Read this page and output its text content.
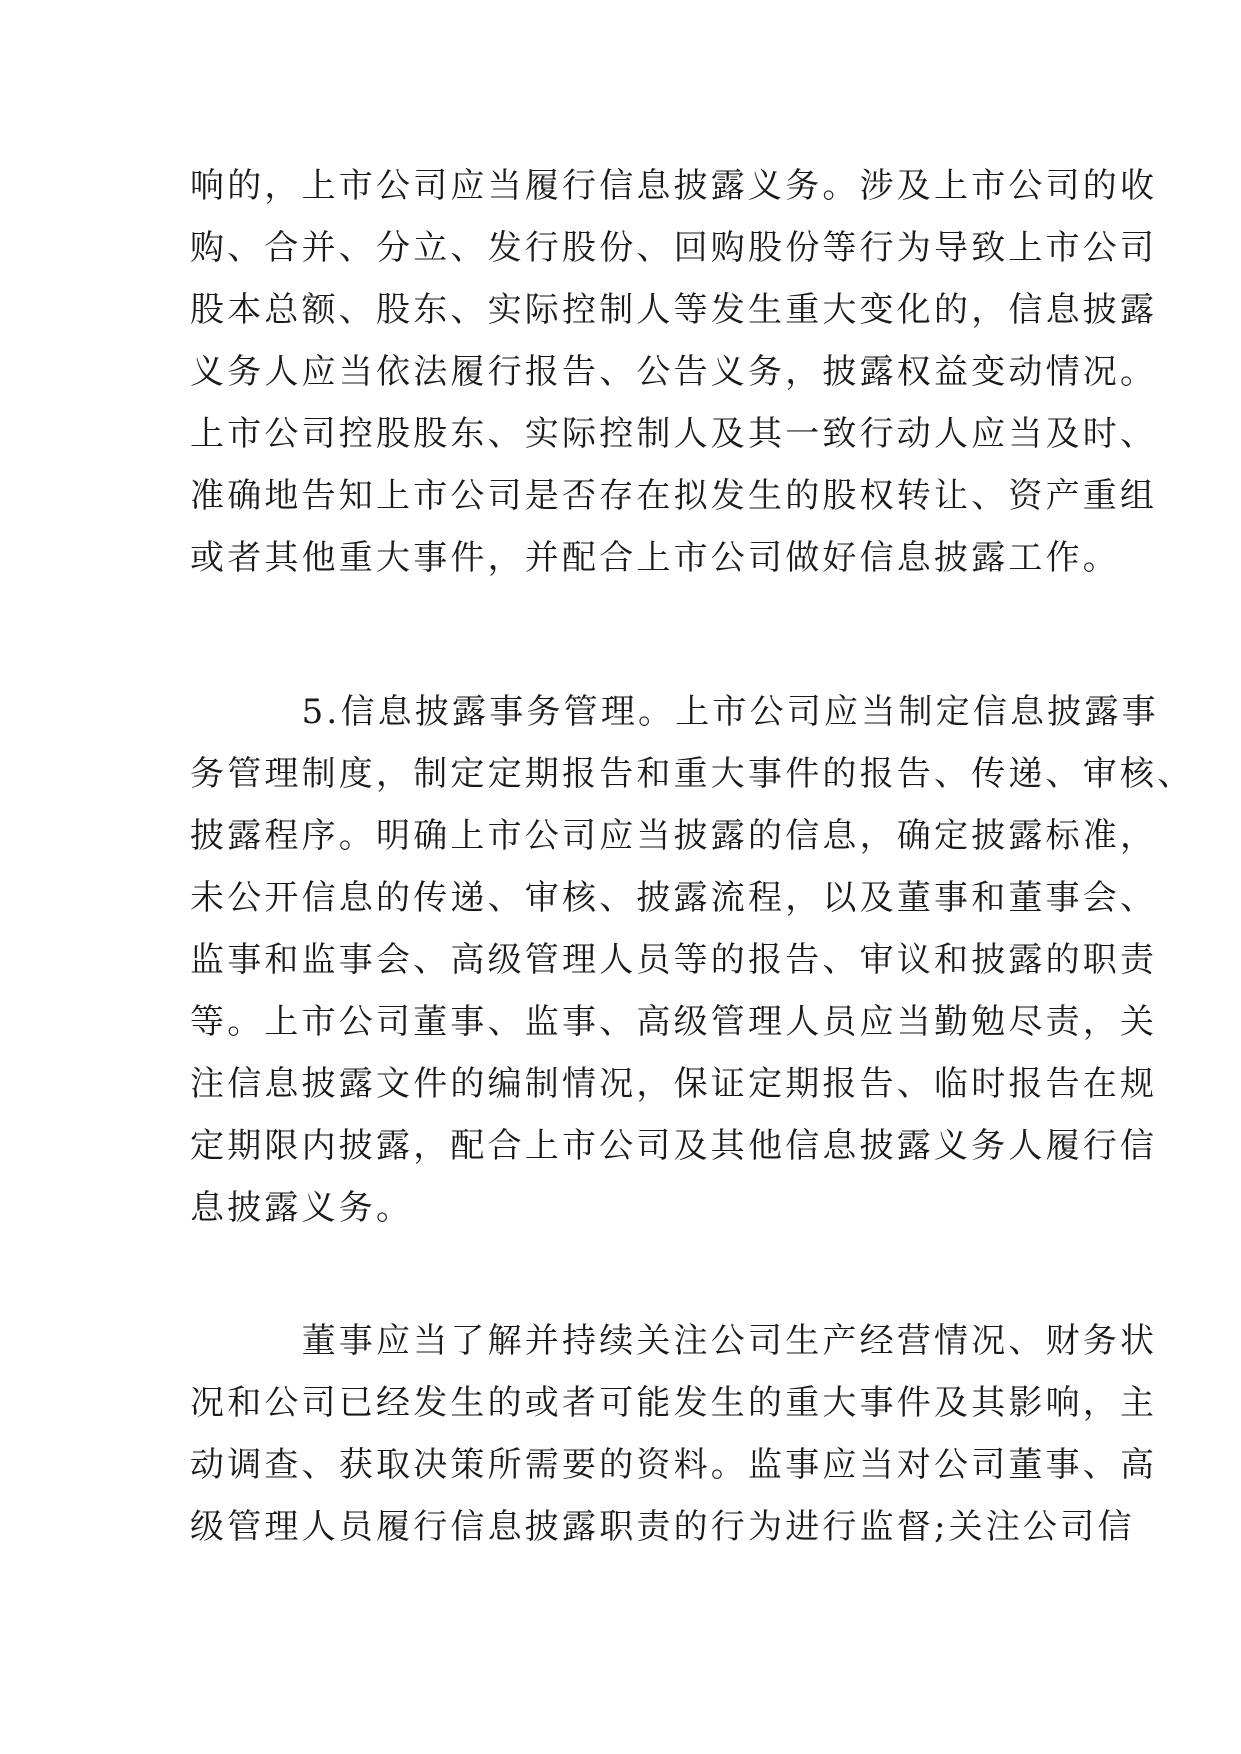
响的，上市公司应当履行信息披露义务。涉及上市公司的收
购、合并、分立、发行股份、回购股份等行为导致上市公司
股本总额、股东、实际控制人等发生重大变化的，信息披露
义务人应当依法履行报告、公告义务，披露权益变动情况。
上市公司控股股东、实际控制人及其一致行动人应当及时、
准确地告知上市公司是否存在拟发生的股权转让、资产重组
或者其他重大事件，并配合上市公司做好信息披露工作。
　　　5.信息披露事务管理。上市公司应当制定信息披露事
务管理制度，制定定期报告和重大事件的报告、传递、审核、
披露程序。明确上市公司应当披露的信息，确定披露标准，
未公开信息的传递、审核、披露流程，以及董事和董事会、
监事和监事会、高级管理人员等的报告、审议和披露的职责
等。上市公司董事、监事、高级管理人员应当勤勉尽责，关
注信息披露文件的编制情况，保证定期报告、临时报告在规
定期限内披露，配合上市公司及其他信息披露义务人履行信
息披露义务。
　　　董事应当了解并持续关注公司生产经营情况、财务状
况和公司已经发生的或者可能发生的重大事件及其影响，主
动调查、获取决策所需要的资料。监事应当对公司董事、高
级管理人员履行信息披露职责的行为进行监督;关注公司信
